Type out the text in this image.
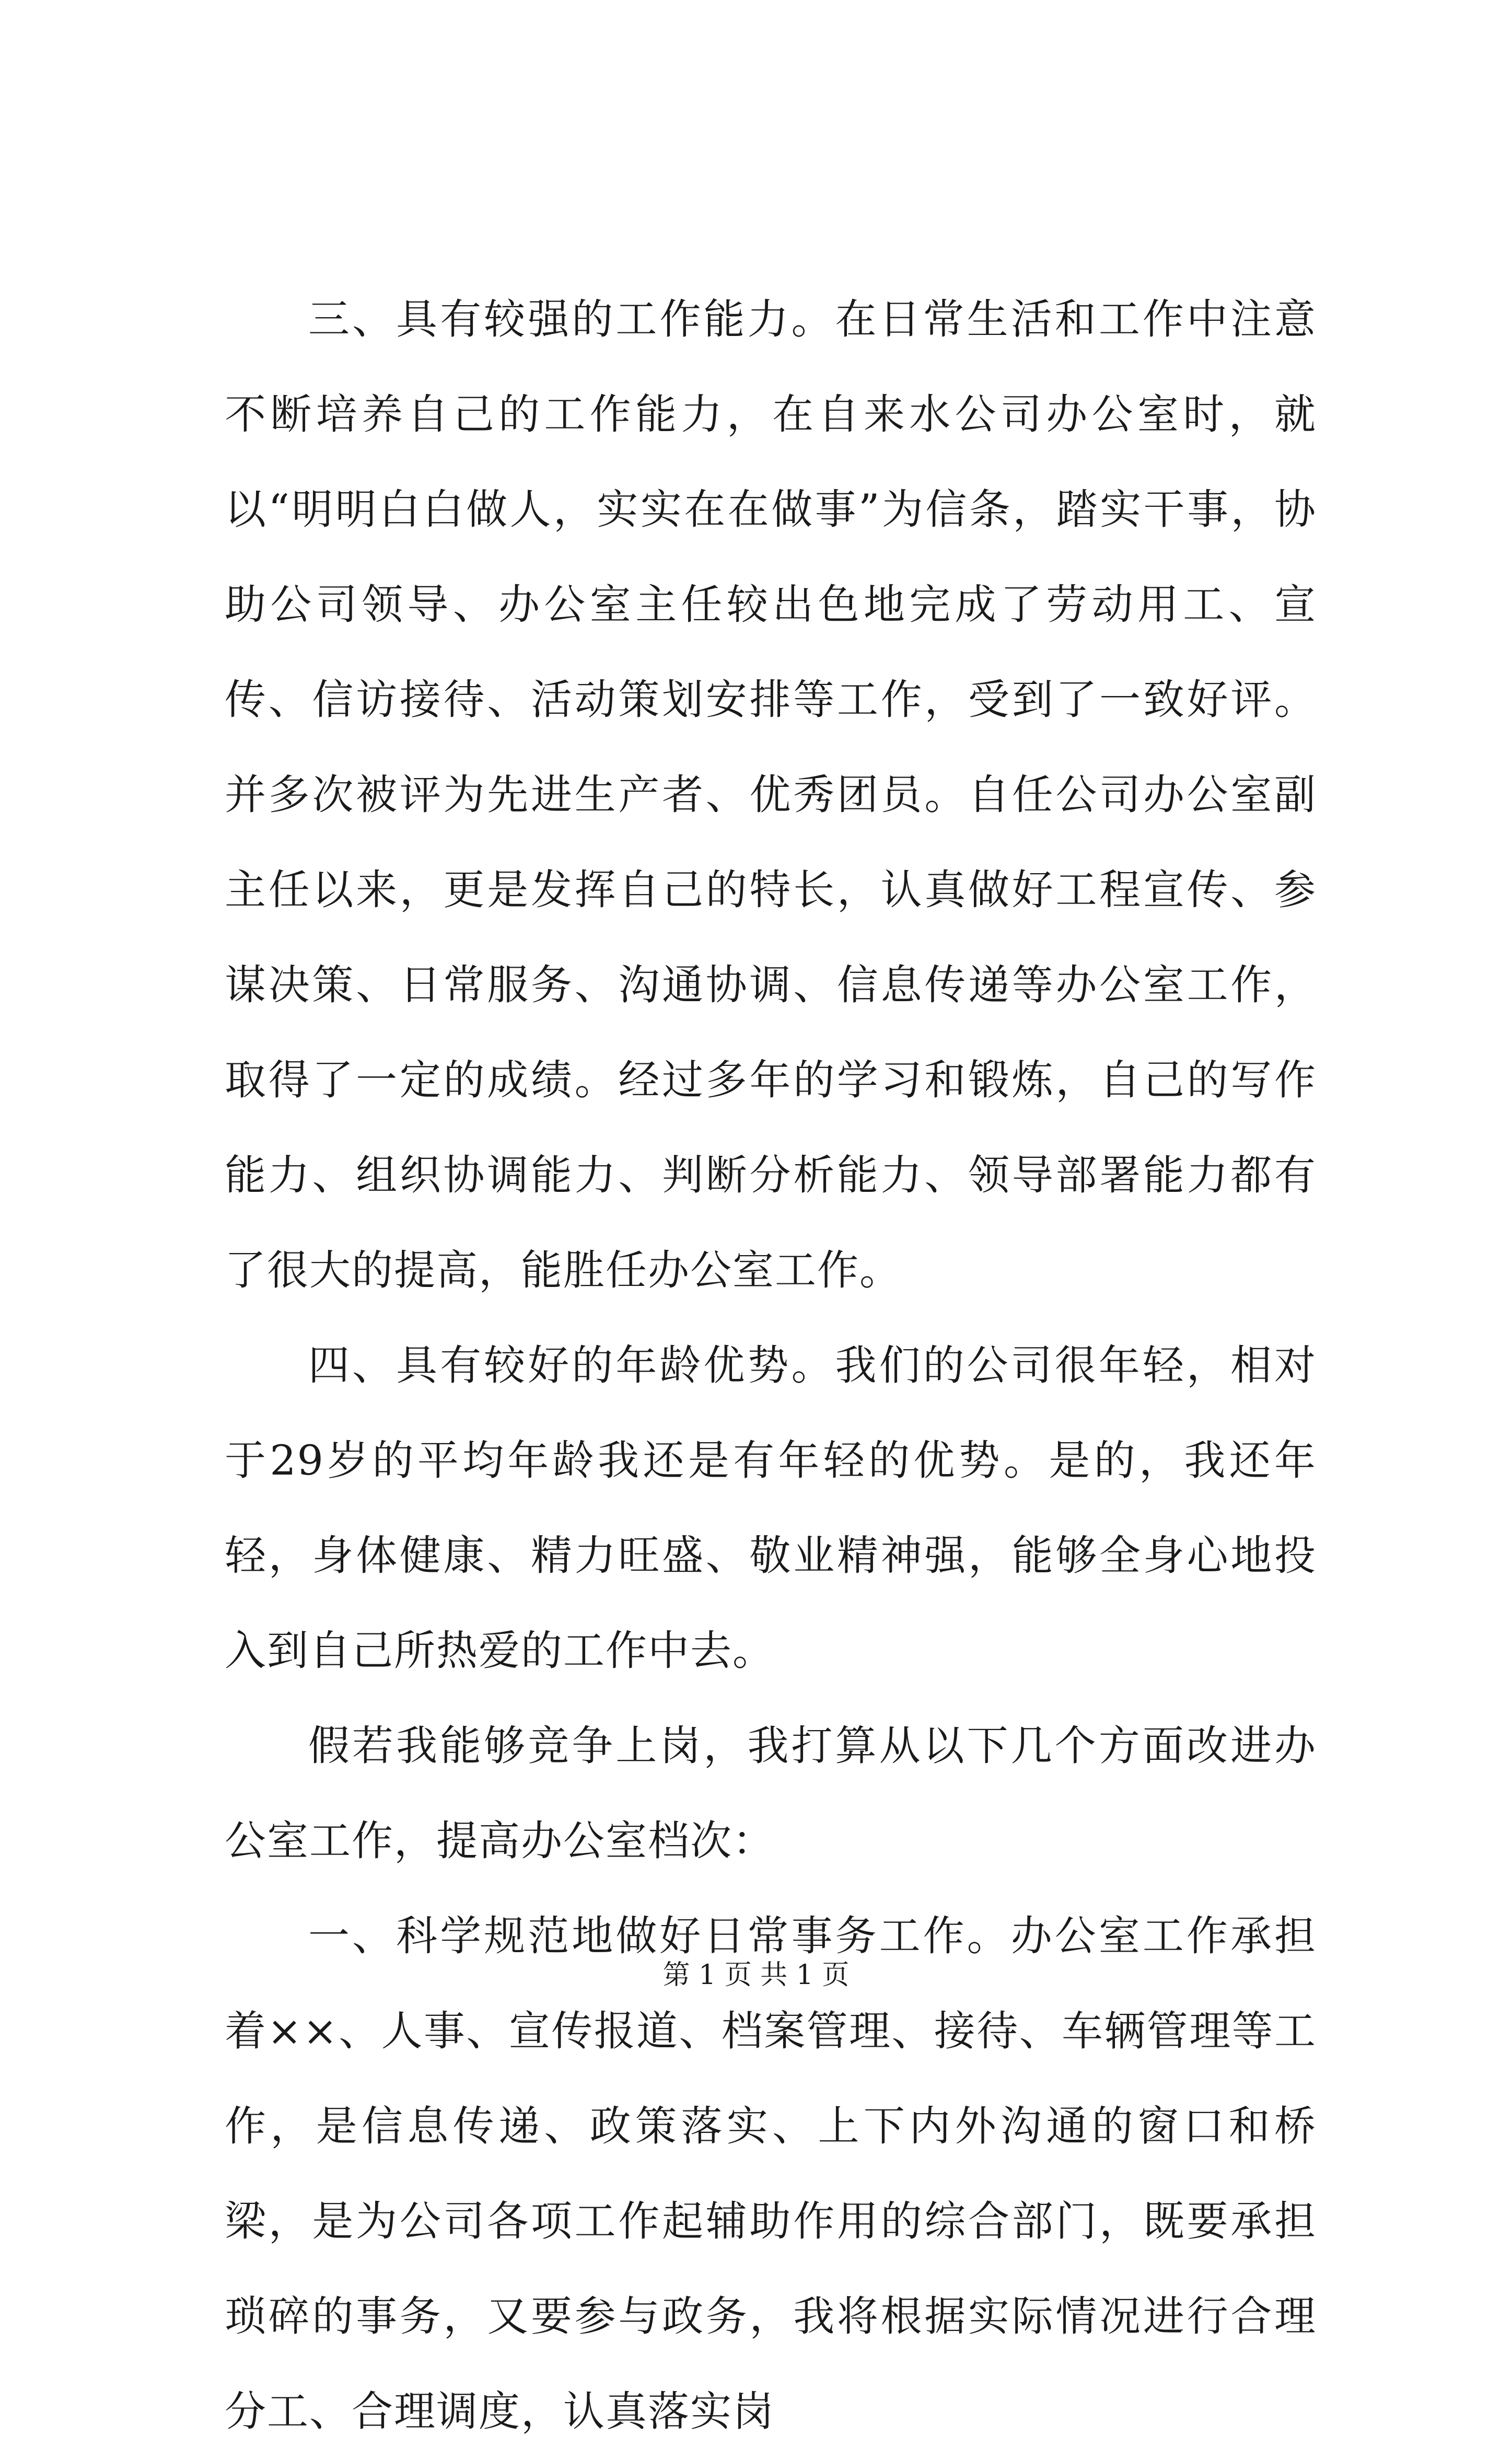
三、具有较强的工作能力。在日常生活和工作中注意不断培养自己的工作能力，在自来水公司办公室时，就以“明明白白做人，实实在在做事”为信条，踏实干事，协助公司领导、办公室主任较出色地完成了劳动用工、宣传、信访接待、活动策划安排等工作，受到了一致好评。并多次被评为先进生产者、优秀团员。自任公司办公室副主任以来，更是发挥自己的特长，认真做好工程宣传、参谋决策、日常服务、沟通协调、信息传递等办公室工作，取得了一定的成绩。经过多年的学习和锻炼，自己的写作能力、组织协调能力、判断分析能力、领导部署能力都有了很大的提高，能胜任办公室工作。

四、具有较好的年龄优势。我们的公司很年轻，相对于29岁的平均年龄我还是有年轻的优势。是的，我还年轻，身体健康、精力旺盛、敬业精神强，能够全身心地投入到自己所热爱的工作中去。

假若我能够竞争上岗，我打算从以下几个方面改进办公室工作，提高办公室档次：

一、科学规范地做好日常事务工作。办公室工作承担着××、人事、宣传报道、档案管理、接待、车辆管理等工作，是信息传递、政策落实、上下内外沟通的窗口和桥梁，是为公司各项工作起辅助作用的综合部门，既要承担琐碎的事务，又要参与政务，我将根据实际情况进行合理分工、合理调度，认真落实岗

第 1 页 共 1 页
